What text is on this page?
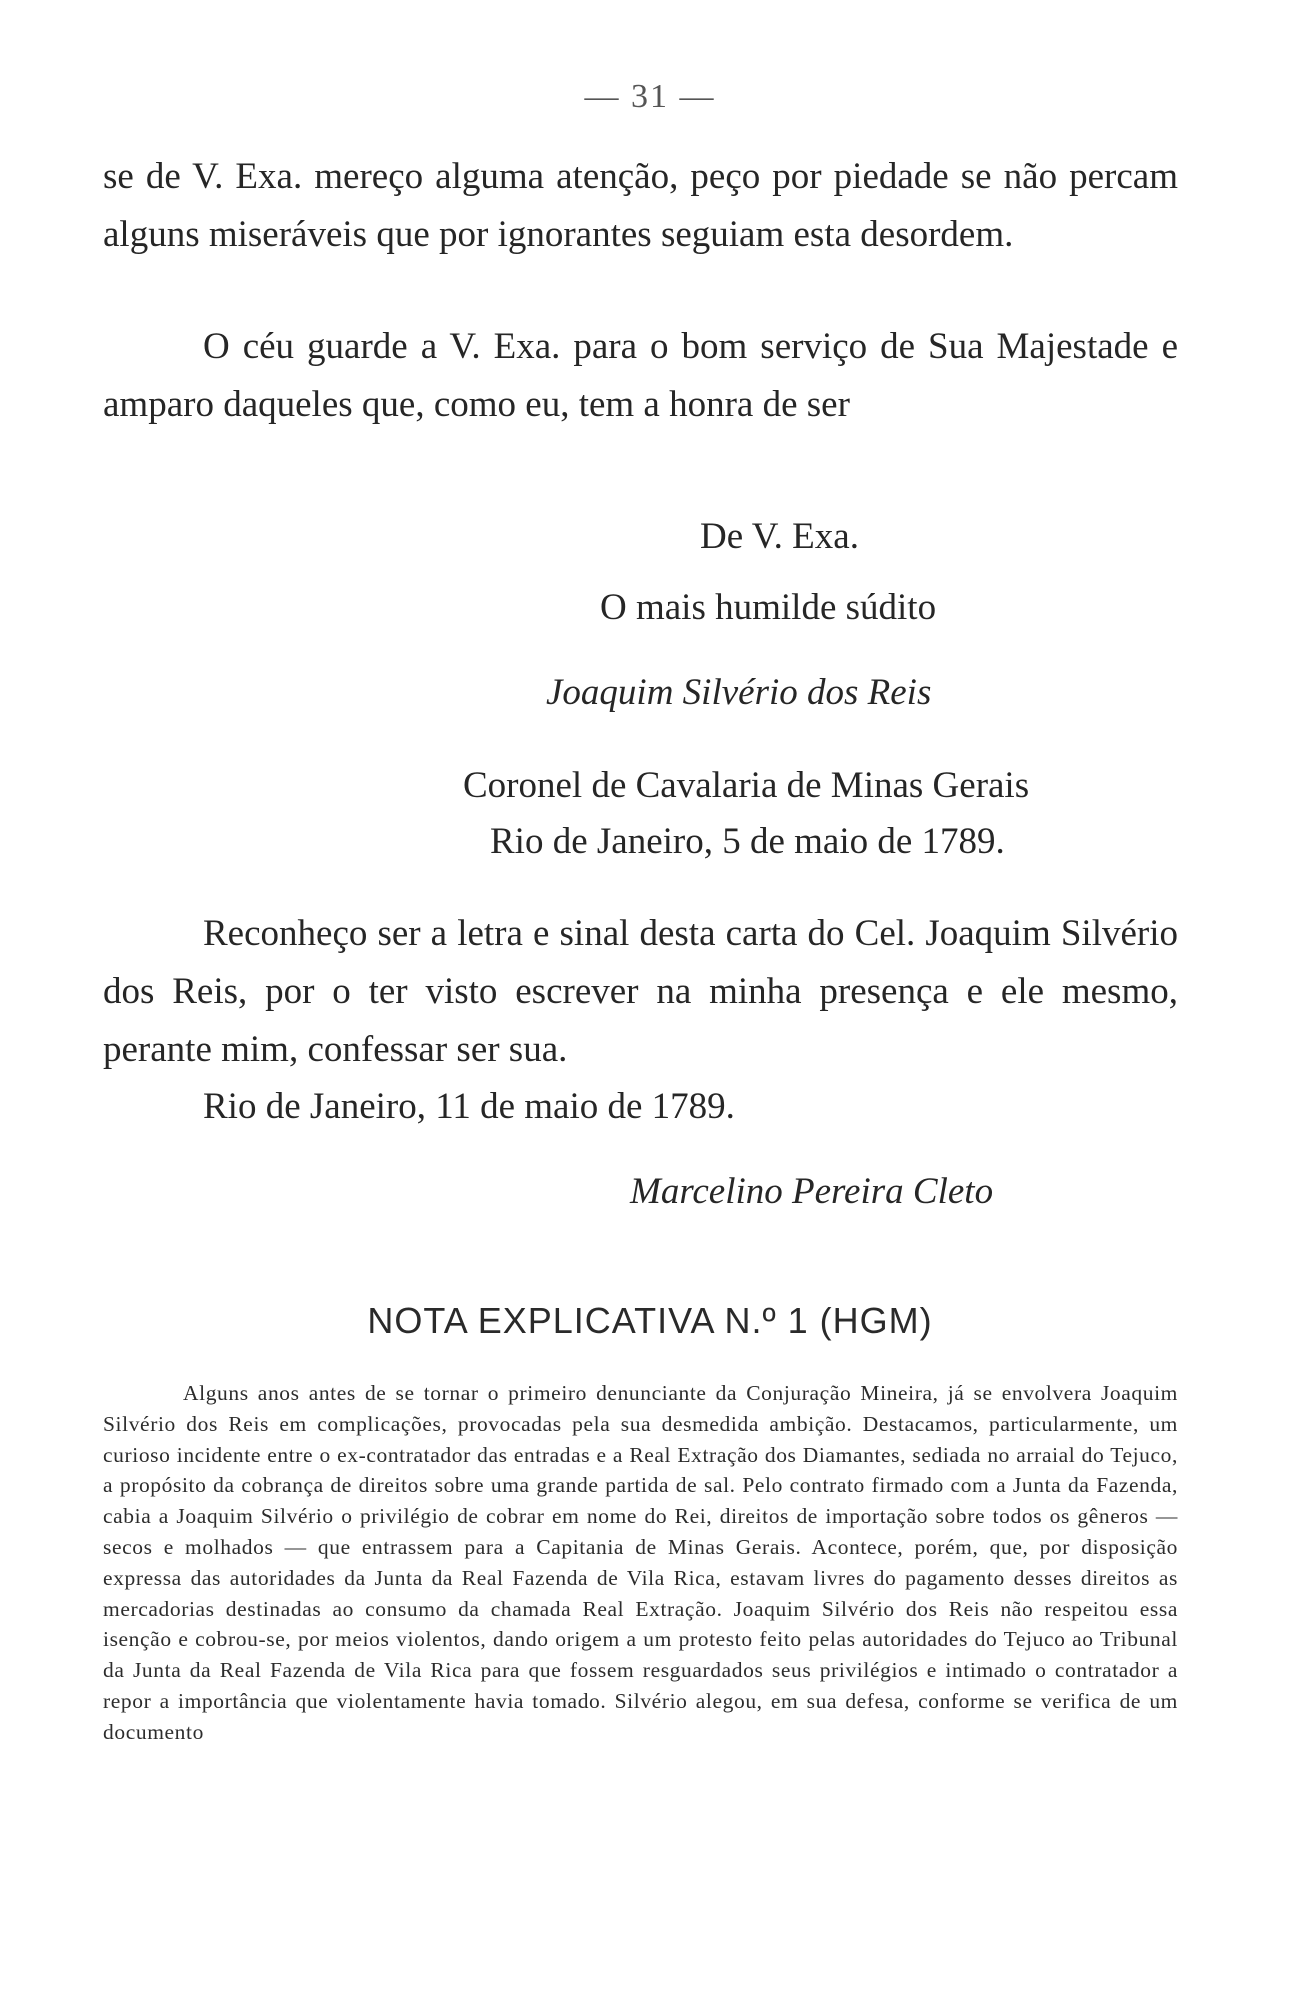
— 31 —

se de V. Exa. mereço alguma atenção, peço por piedade se não percam alguns miseráveis que por ignorantes seguiam esta desordem.

O céu guarde a V. Exa. para o bom serviço de Sua Majestade e amparo daqueles que, como eu, tem a honra de ser

De V. Exa.

O mais humilde súdito

Joaquim Silvério dos Reis

Coronel de Cavalaria de Minas Gerais

Rio de Janeiro, 5 de maio de 1789.

Reconheço ser a letra e sinal desta carta do Cel. Joaquim Silvério dos Reis, por o ter visto escrever na minha presença e ele mesmo, perante mim, confessar ser sua.

Rio de Janeiro, 11 de maio de 1789.

Marcelino Pereira Cleto

NOTA EXPLICATIVA N.º 1 (HGM)

Alguns anos antes de se tornar o primeiro denunciante da Conjuração Mineira, já se envolvera Joaquim Silvério dos Reis em complicações, provocadas pela sua desmedida ambição. Destacamos, particularmente, um curioso incidente entre o ex-contratador das entradas e a Real Extração dos Diamantes, sediada no arraial do Tejuco, a propósito da cobrança de direitos sobre uma grande partida de sal. Pelo contrato firmado com a Junta da Fazenda, cabia a Joaquim Silvério o privilégio de cobrar em nome do Rei, direitos de importação sobre todos os gêneros — secos e molhados — que entrassem para a Capitania de Minas Gerais. Acontece, porém, que, por disposição expressa das autoridades da Junta da Real Fazenda de Vila Rica, estavam livres do pagamento desses direitos as mercadorias destinadas ao consumo da chamada Real Extração. Joaquim Silvério dos Reis não respeitou essa isenção e cobrou-se, por meios violentos, dando origem a um protesto feito pelas autoridades do Tejuco ao Tribunal da Junta da Real Fazenda de Vila Rica para que fossem resguardados seus privilégios e intimado o contratador a repor a importância que violentamente havia tomado. Silvério alegou, em sua defesa, conforme se verifica de um documento
